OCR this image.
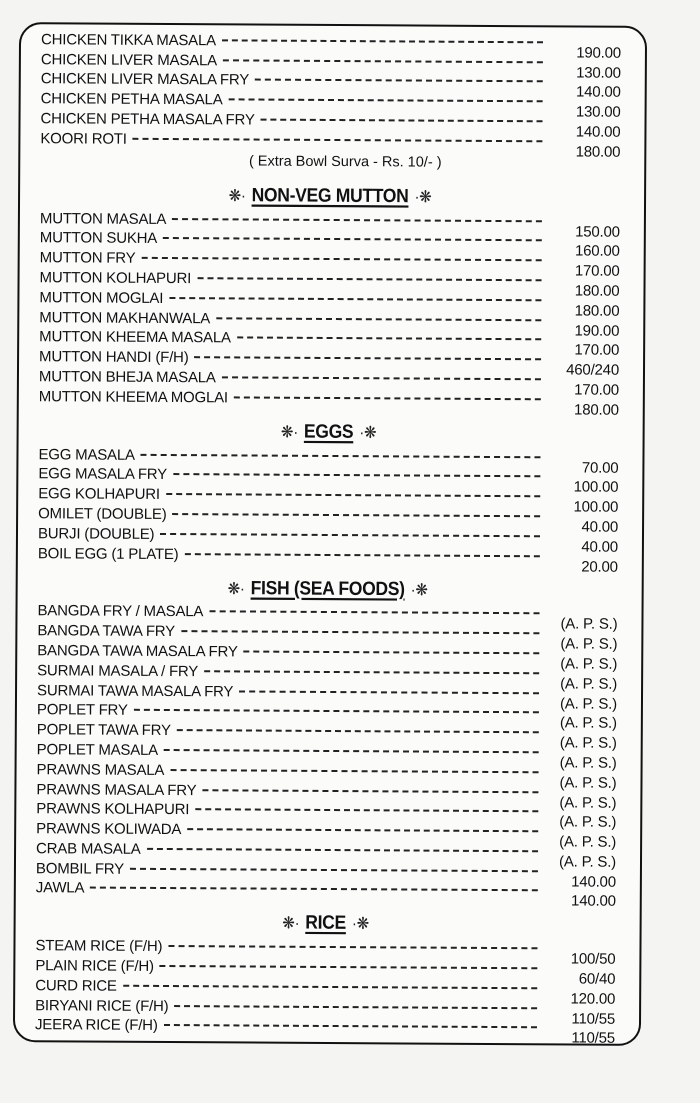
CHICKEN TIKKA MASALA
190.00
CHICKEN LIVER MASALA
130.00
CHICKEN LIVER MASALA FRY
140.00
CHICKEN PETHA MASALA
130.00
CHICKEN PETHA MASALA FRY
140.00
KOORI ROTI
180.00
( Extra Bowl Surva - Rs. 10/- )
❋· NON-VEG MUTTON ·❋
MUTTON MASALA
150.00
MUTTON SUKHA
160.00
MUTTON FRY
170.00
MUTTON KOLHAPURI
180.00
MUTTON MOGLAI
180.00
MUTTON MAKHANWALA
190.00
MUTTON KHEEMA MASALA
170.00
MUTTON HANDI (F/H)
460/240
MUTTON BHEJA MASALA
170.00
MUTTON KHEEMA MOGLAI
180.00
❋· EGGS ·❋
EGG MASALA
70.00
EGG MASALA FRY
100.00
EGG KOLHAPURI
100.00
OMILET (DOUBLE)
40.00
BURJI (DOUBLE)
40.00
BOIL EGG (1 PLATE)
20.00
❋· FISH (SEA FOODS) ·❋
BANGDA FRY / MASALA
(A. P. S.)
BANGDA TAWA FRY
(A. P. S.)
BANGDA TAWA MASALA FRY
(A. P. S.)
SURMAI MASALA / FRY
(A. P. S.)
SURMAI TAWA MASALA FRY
(A. P. S.)
POPLET FRY
(A. P. S.)
POPLET TAWA FRY
(A. P. S.)
POPLET MASALA
(A. P. S.)
PRAWNS MASALA
(A. P. S.)
PRAWNS MASALA FRY
(A. P. S.)
PRAWNS KOLHAPURI
(A. P. S.)
PRAWNS KOLIWADA
(A. P. S.)
CRAB MASALA
(A. P. S.)
BOMBIL FRY
140.00
JAWLA
140.00
❋· RICE ·❋
STEAM RICE (F/H)
100/50
PLAIN RICE (F/H)
60/40
CURD RICE
120.00
BIRYANI RICE (F/H)
110/55
JEERA RICE (F/H)
110/55
